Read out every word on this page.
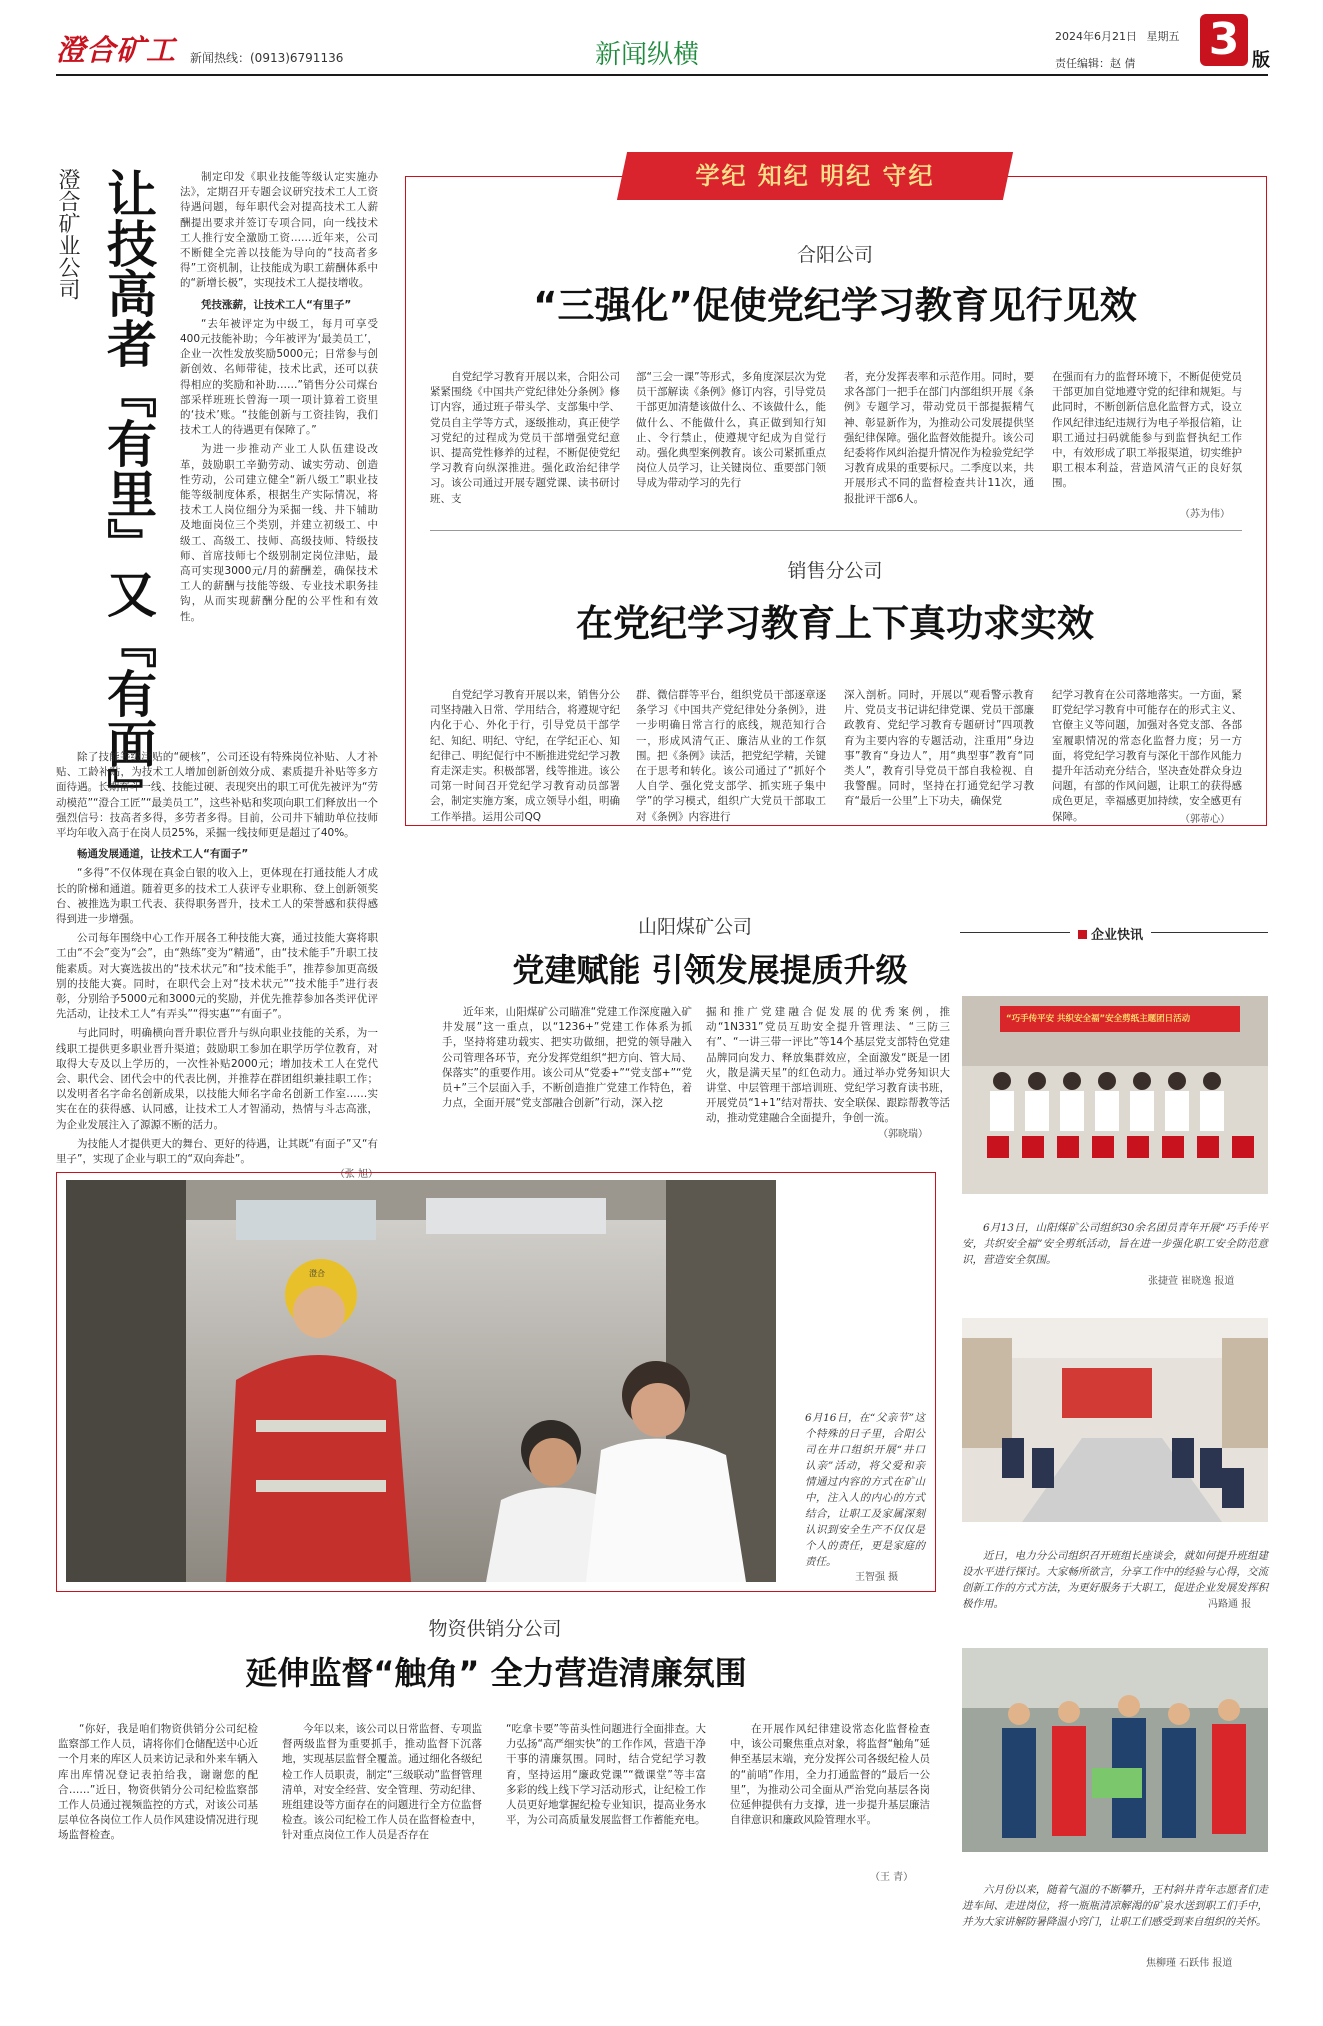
澄合矿工 新闻热线：(0913)6791136	新闻纵横
2024年6月21日 星期五
责任编辑：赵 倩 3 版
澄合矿业公司 让技高者『有里』又『有面』	制定印发《职业技能等级认定实施办法》，定期召开专题会议研究技术工人工资待遇问题，每年职代会对提高技术工人薪酬提出要求并签订专项合同，向一线技术工人推行安全激励工资……近年来，公司不断健全完善以技能为导向的“技高者多得”工资机制，让技能成为职工薪酬体系中的“新增长极”，实现技术工人提技增收。

凭技涨薪，让技术工人“有里子”

“去年被评定为中级工，每月可享受400元技能补助；今年被评为‘最美员工’，企业一次性发放奖励5000元；日常参与创新创效、名师带徒，技术比武，还可以获得相应的奖励和补助……”销售分公司煤台部采样班班长曾海一项一项计算着工资里的‘技术’账。“技能创新与工资挂钩，我们技术工人的待遇更有保障了。”

为进一步推动产业工人队伍建设改革，鼓励职工辛勤劳动、诚实劳动、创造性劳动，公司建立健全“新八级工”职业技能等级制度体系，根据生产实际情况，将技术工人岗位细分为采掘一线、井下辅助及地面岗位三个类别，并建立初级工、中级工、高级工、技师、高级技师、特级技师、首席技师七个级别制定岗位津贴，最高可实现3000元/月的薪酬差，确保技术工人的薪酬与技能等级、专业技术职务挂钩，从而实现薪酬分配的公平性和有效性。

除了技能等级津贴的“硬核”，公司还设有特殊岗位补贴、人才补贴、工龄补贴，为技术工人增加创新创效分成、素质提升补贴等多方面待遇。长期奋斗一线、技能过硬、表现突出的职工可优先被评为“劳动模范”“澄合工匠”“最美员工”，这些补贴和奖项向职工们释放出一个强烈信号：技高者多得，多劳者多得。目前，公司井下辅助单位技师平均年收入高于在岗人员25%，采掘一线技师更是超过了40%。

畅通发展通道，让技术工人“有面子”

“多得”不仅体现在真金白银的收入上，更体现在打通技能人才成长的阶梯和通道。随着更多的技术工人获评专业职称、登上创新领奖台、被推选为职工代表、获得职务晋升，技术工人的荣誉感和获得感得到进一步增强。

公司每年围绕中心工作开展各工种技能大赛，通过技能大赛将职工由“不会”变为“会”，由“熟练”变为“精通”，由“技术能手”升职工技能素质。对大赛选拔出的“技术状元”和“技术能手”，推荐参加更高级别的技能大赛。同时，在职代会上对“技术状元”“技术能手”进行表彰，分别给予5000元和3000元的奖励，并优先推荐参加各类评优评先活动，让技术工人“有弄头”“得实惠”“有面子”。

与此同时，明确横向晋升职位晋升与纵向职业技能的关系，为一线职工提供更多职业晋升渠道；鼓励职工参加在职学历学位教育，对取得大专及以上学历的，一次性补贴2000元；增加技术工人在党代会、职代会、团代会中的代表比例，并推荐在群团组织兼挂职工作；以发明者名字命名创新成果，以技能大师名字命名创新工作室……实实在在的获得感、认同感，让技术工人才智涌动，热情与斗志高涨，为企业发展注入了源源不断的活力。

为技能人才提供更大的舞台、更好的待遇，让其既“有面子”又“有里子”，实现了企业与职工的“双向奔赴”。

（张 旭）
学纪 知纪 明纪 守纪
合阳公司
“三强化”促使党纪学习教育见行见效
自党纪学习教育开展以来，合阳公司紧紧围绕《中国共产党纪律处分条例》修订内容，通过班子带头学、支部集中学、党员自主学等方式，逐级推动，真正使学习党纪的过程成为党员干部增强党纪意识、提高党性修养的过程，不断促使党纪学习教育向纵深推进。强化政治纪律学习。该公司通过开展专题党课、读书研讨班、支
部“三会一课”等形式，多角度深层次为党员干部解读《条例》修订内容，引导党员干部更加清楚该做什么、不该做什么，能做什么、不能做什么，真正做到知行知止、令行禁止，使遵规守纪成为自觉行动。强化典型案例教育。该公司紧抓重点岗位人员学习，让关键岗位、重要部门领导成为带动学习的先行
者，充分发挥表率和示范作用。同时，要求各部门一把手在部门内部组织开展《条例》专题学习，带动党员干部提振精气神、彰显新作为，为推动公司发展提供坚强纪律保障。强化监督效能提升。该公司纪委将作风纠治提升情况作为检验党纪学习教育成果的重要标尺。二季度以来，共开展形式不同的监督检查共计11次，通报批评干部6人。
在强而有力的监督环境下，不断促使党员干部更加自觉地遵守党的纪律和规矩。与此同时，不断创新信息化监督方式，设立作风纪律违纪违规行为电子举报信箱，让职工通过扫码就能参与到监督执纪工作中，有效形成了职工举报渠道，切实维护职工根本利益，营造风清气正的良好氛围。
（苏为伟）
销售分公司
在党纪学习教育上下真功求实效
自党纪学习教育开展以来，销售分公司坚持融入日常、学用结合，将遵规守纪内化于心、外化于行，引导党员干部学纪、知纪、明纪、守纪，在学纪正心、知纪律己、明纪促行中不断推进党纪学习教育走深走实。积极部署，线等推进。该公司第一时间召开党纪学习教育动员部署会，制定实施方案，成立领导小组，明确工作举措。运用公司QQ
群、微信群等平台，组织党员干部逐章逐条学习《中国共产党纪律处分条例》，进一步明确日常言行的底线，规范知行合一，形成风清气正、廉洁从业的工作氛围。把《条例》读活，把党纪学精，关键在于思考和转化。该公司通过了“抓好个人自学、强化党支部学、抓实班子集中学”的学习模式，组织广大党员干部取工对《条例》内容进行
深入剖析。同时，开展以“观看警示教育片、党员支书记讲纪律党课、党员干部廉政教育、党纪学习教育专题研讨”四项教育为主要内容的专题活动，注重用“身边事”教育“身边人”，用“典型事”教育“同类人”，教育引导党员干部自我检视、自我警醒。同时，坚持在打通党纪学习教育“最后一公里”上下功夫，确保党
纪学习教育在公司落地落实。一方面，紧盯党纪学习教育中可能存在的形式主义、官僚主义等问题，加强对各党支部、各部室履职情况的常态化监督力度；另一方面，将党纪学习教育与深化干部作风能力提升年活动充分结合，坚决查处群众身边问题，有部的作风问题，让职工的获得感成色更足，幸福感更加持续，安全感更有保障。	（郭蒂心）
山阳煤矿公司
党建赋能 引领发展提质升级
近年来，山阳煤矿公司瞄准“党建工作深度融入矿井发展”这一重点，以“1236+”党建工作体系为抓手，坚持将建功载实、把实功做细，把党的领导融入公司管理各环节，充分发挥党组织“把方向、管大局、保落实”的重要作用。该公司从“党委+”“党支部+”“党员+”三个层面入手，不断创造推广党建工作特色，着力点，全面开展“党支部融合创新”行动，深入挖
掘和推广党建融合促发展的优秀案例，推动“1N331”党员互助安全提升管理法、“三防三有”、“一讲三带一评比”等14个基层党支部特色党建品牌同向发力、释放集群效应，全面激发“既是一团火，散是满天星”的红色动力。通过举办党务知识大讲堂、中层管理干部培训班、党纪学习教育读书班，开展党员“1+1”结对帮扶、安全联保、跟踪帮教等活动，推动党建融合全面提升，争创一流。
（郭晓瑞）
澄合
6月16日，在“父亲节”这个特殊的日子里，合阳公司在井口组织开展“井口认亲”活动，将父爱和亲情通过内容的方式在矿山中，注入人的内心的方式结合，让职工及家属深刻认识到安全生产不仅仅是个人的责任，更是家庭的责任。
王智强 摄
物资供销分公司
延伸监督“触角” 全力营造清廉氛围
“你好，我是咱们物资供销分公司纪检监察部工作人员，请将你们仓储配送中心近一个月来的库区人员来访记录和外来车辆入库出库情况登记表拍给我，谢谢您的配合……”近日，物资供销分公司纪检监察部工作人员通过视频监控的方式，对该公司基层单位各岗位工作人员作风建设情况进行现场监督检查。
今年以来，该公司以日常监督、专项监督两级监督为重要抓手，推动监督下沉落地，实现基层监督全覆盖。通过细化各级纪检工作人员职责，制定“三级联动”监督管理清单，对安全经营、安全管理、劳动纪律、班组建设等方面存在的问题进行全方位监督检查。该公司纪检工作人员在监督检查中，针对重点岗位工作人员是否存在
“吃拿卡要”等苗头性问题进行全面排查。大力弘扬“高严细实快”的工作作风，营造干净干事的清廉氛围。同时，结合党纪学习教育，坚持运用“廉政党课”“微课堂”等丰富多彩的线上线下学习活动形式，让纪检工作人员更好地掌握纪检专业知识，提高业务水平，为公司高质量发展监督工作蓄能充电。
在开展作风纪律建设常态化监督检查中，该公司聚焦重点对象，将监督“触角”延伸至基层末端，充分发挥公司各级纪检人员的“前哨”作用，全力打通监督的“最后一公里”，为推动公司全面从严治党向基层各岗位延伸提供有力支撑，进一步提升基层廉洁自律意识和廉政风险管理水平。
（王 青）
企业快讯
“巧手传平安 共织安全福”安全剪纸主题团日活动
6月13日，山阳煤矿公司组织30余名团员青年开展“巧手传平安，共织安全福”安全剪纸活动，旨在进一步强化职工安全防范意识，营造安全氛围。
张捷萱 崔晓逸 报道
近日，电力分公司组织召开班组长座谈会，就如何提升班组建设水平进行探讨。大家畅所欲言，分享工作中的经验与心得，交流创新工作的方式方法，为更好服务于大职工，促进企业发展发挥积极作用。	冯路通 报
六月份以来，随着气温的不断攀升，王村斜井青年志愿者们走进车间、走进岗位，将一瓶瓶清凉解渴的矿泉水送到职工们手中，并为大家讲解防暑降温小窍门，让职工们感受到来自组织的关怀。
焦柳瑾 石跃伟 报道
